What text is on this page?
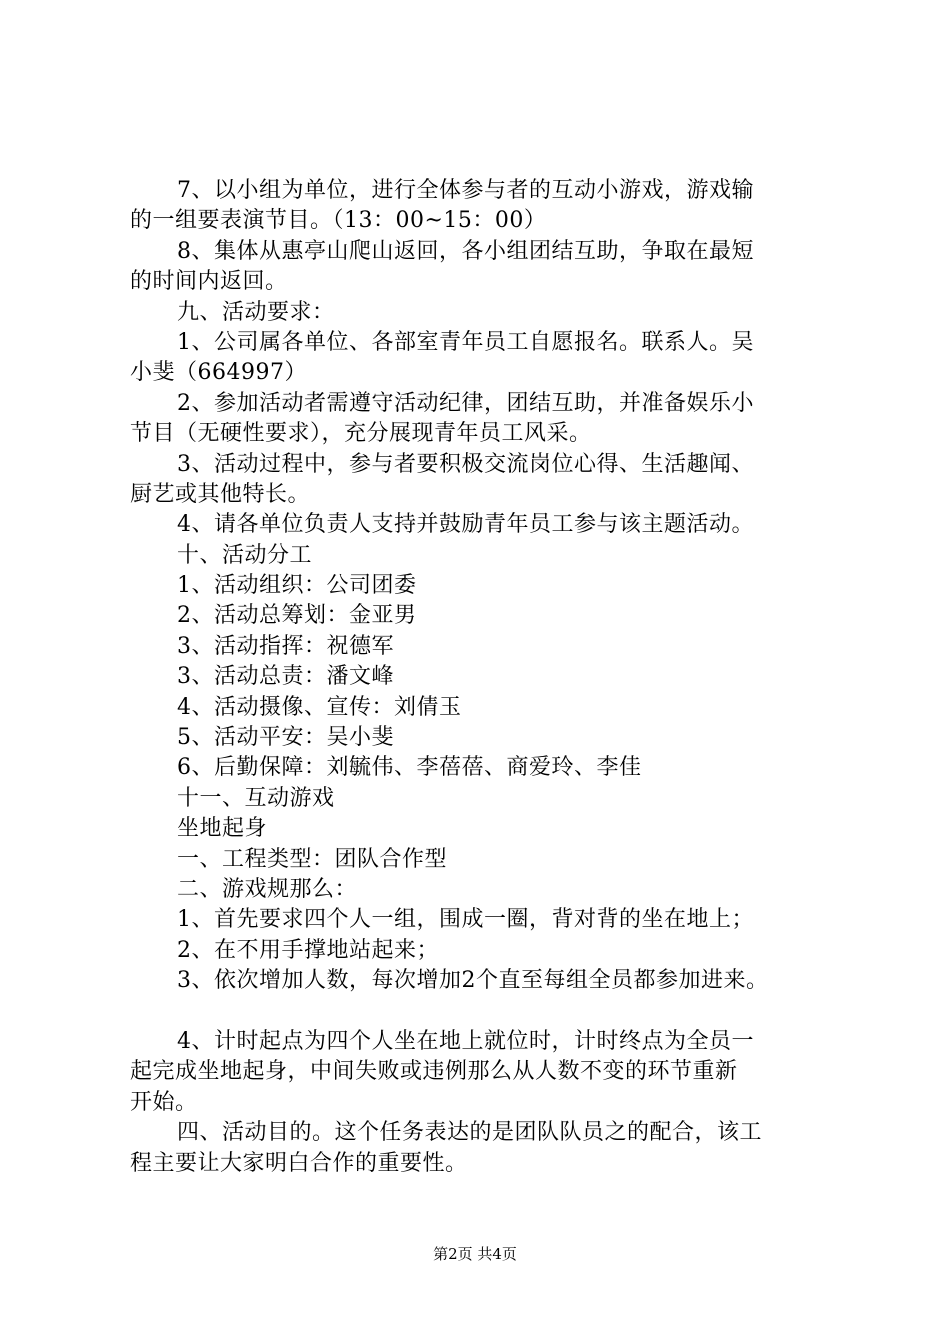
7、以小组为单位，进行全体参与者的互动小游戏，游戏输
的一组要表演节目。（13：00~15：00）
8、集体从惠亭山爬山返回，各小组团结互助，争取在最短
的时间内返回。
九、活动要求：
1、公司属各单位、各部室青年员工自愿报名。联系人。吴
小斐（664997）
2、参加活动者需遵守活动纪律，团结互助，并准备娱乐小
节目（无硬性要求），充分展现青年员工风采。
3、活动过程中，参与者要积极交流岗位心得、生活趣闻、
厨艺或其他特长。
4、请各单位负责人支持并鼓励青年员工参与该主题活动。
十、活动分工
1、活动组织：公司团委
2、活动总筹划：金亚男
3、活动指挥：祝德军
3、活动总责：潘文峰
4、活动摄像、宣传：刘倩玉
5、活动平安：吴小斐
6、后勤保障：刘毓伟、李蓓蓓、商爱玲、李佳
十一、互动游戏
坐地起身
一、工程类型：团队合作型
二、游戏规那么：
1、首先要求四个人一组，围成一圈，背对背的坐在地上；
2、在不用手撑地站起来；
3、依次增加人数，每次增加2个直至每组全员都参加进来。
4、计时起点为四个人坐在地上就位时，计时终点为全员一
起完成坐地起身，中间失败或违例那么从人数不变的环节重新
开始。
四、活动目的。这个任务表达的是团队队员之的配合，该工
程主要让大家明白合作的重要性。
第2页 共4页
